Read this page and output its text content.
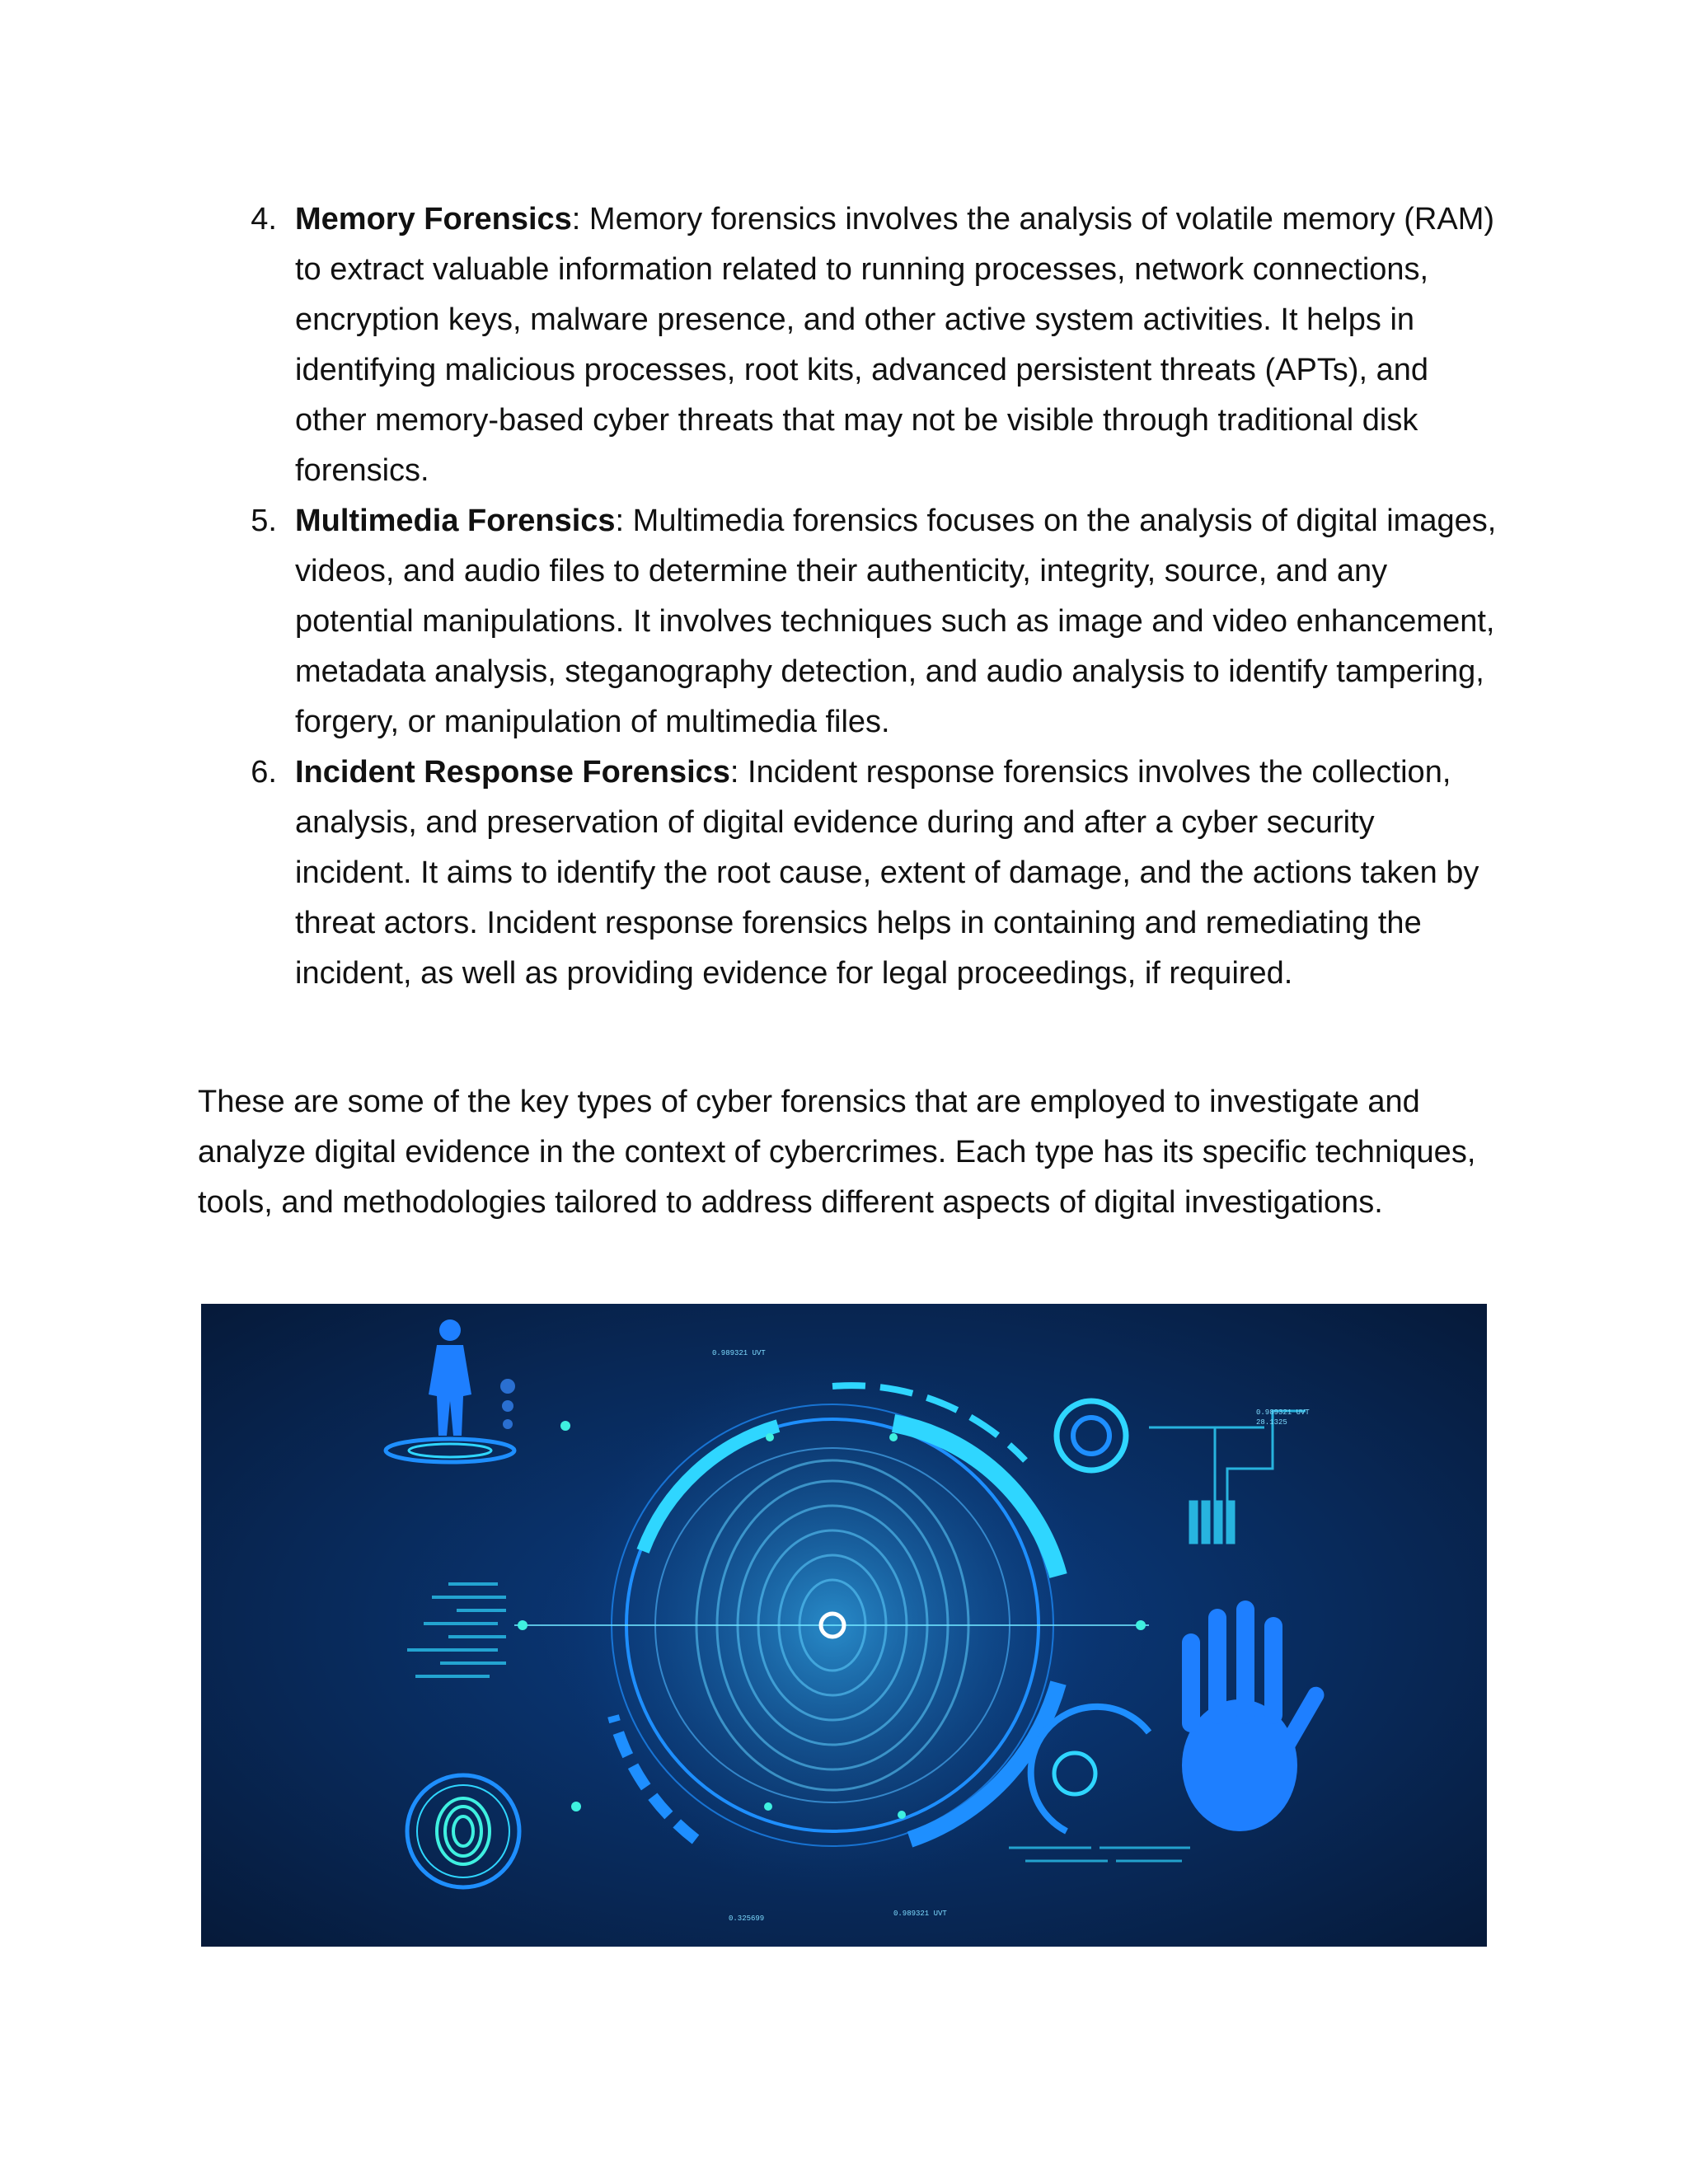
4. Memory Forensics: Memory forensics involves the analysis of volatile memory (RAM) to extract valuable information related to running processes, network connections, encryption keys, malware presence, and other active system activities. It helps in identifying malicious processes, root kits, advanced persistent threats (APTs), and other memory-based cyber threats that may not be visible through traditional disk forensics.
5. Multimedia Forensics: Multimedia forensics focuses on the analysis of digital images, videos, and audio files to determine their authenticity, integrity, source, and any potential manipulations. It involves techniques such as image and video enhancement, metadata analysis, steganography detection, and audio analysis to identify tampering, forgery, or manipulation of multimedia files.
6. Incident Response Forensics: Incident response forensics involves the collection, analysis, and preservation of digital evidence during and after a cyber security incident. It aims to identify the root cause, extent of damage, and the actions taken by threat actors. Incident response forensics helps in containing and remediating the incident, as well as providing evidence for legal proceedings, if required.

These are some of the key types of cyber forensics that are employed to investigate and analyze digital evidence in the context of cybercrimes. Each type has its specific techniques, tools, and methodologies tailored to address different aspects of digital investigations.

0.989321 UVT
0.989321 UVT
0.325699
0.989321 UVT
28.1325
